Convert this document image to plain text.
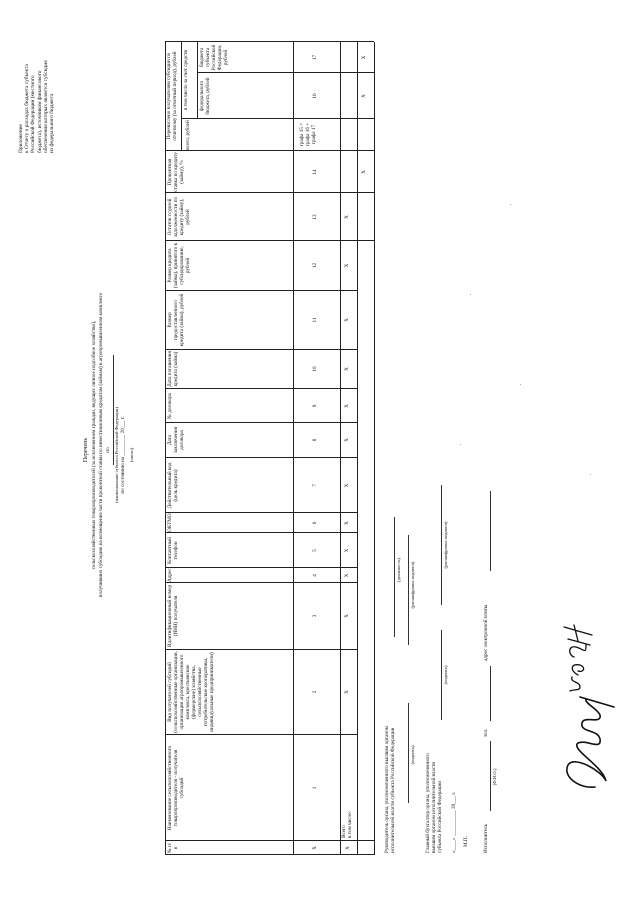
Приложение
к Отчету о расходах бюджета субъекта
Российской Федерации (местного
бюджета), источником финансового
обеспечения которых является субсидия
из федерального бюджета
Перечень сельскохозяйственных товаропроизводителей (за исключением граждан, ведущих личное подсобное хозяйство), получивших субсидию на возмещение части процентной ставки по инвестиционным кредитам (займам) в агропромышленном комплексе по (наименование субъекта Российской Федерации) по состоянию на ________ 20___ г. (число)
№ п/п
Наименование сельскохозяйственного товаропроизводителя - получателя субсидий
Вид получателей субсидий (сельскохозяйственные организации, организации агропромышленного комплекса, крестьянские (фермерские) хозяйства, сельскохозяйственные потребительские кооперативы, индивидуальные предприниматели)
Идентификационный номер (ИНН) получателя
Адрес
Контактный телефон
ОКТМО
Действительный код (цель кредита)
Дата заключения договора
№ договора
Дата погашения кредита (займа)
Размер предоставленного кредита (займа), рублей
Размер кредита (займа), принятого к субсидированию, рублей
Остаток ссудной задолженности по кредиту (займу), рублей
Процентная ставка по кредиту (займу), %
Перечислено получателям субсидии по отчетному (за отчетный период), рублей всего, рублей
в том числе за счет средств федерального бюджета, рублей
бюджета субъекта Российской Федерации, рублей
1
2
3
4
5
6
7
8
9
10
11
12
13
14
графа 15 = графа 16 + графа 17
16
17
X
X
X
X
X
X
X
X
X
X
X
X
X
X
Всего
в том числе:
X
X
X
Руководитель органа, уполномоченного высшим органом
исполнительной власти субъекта Российской Федерации
(должность)
(подпись)
(расшифровка подписи)
Главный бухгалтер органа, уполномоченного
высшим органом исполнительной власти
субъекта Российской Федерации
(подпись)
(расшифровка подписи)
«____» __________ 20___ г. М.П.	Исполнитель
(Ф.И.О.)
тел.
адрес электронной почты
